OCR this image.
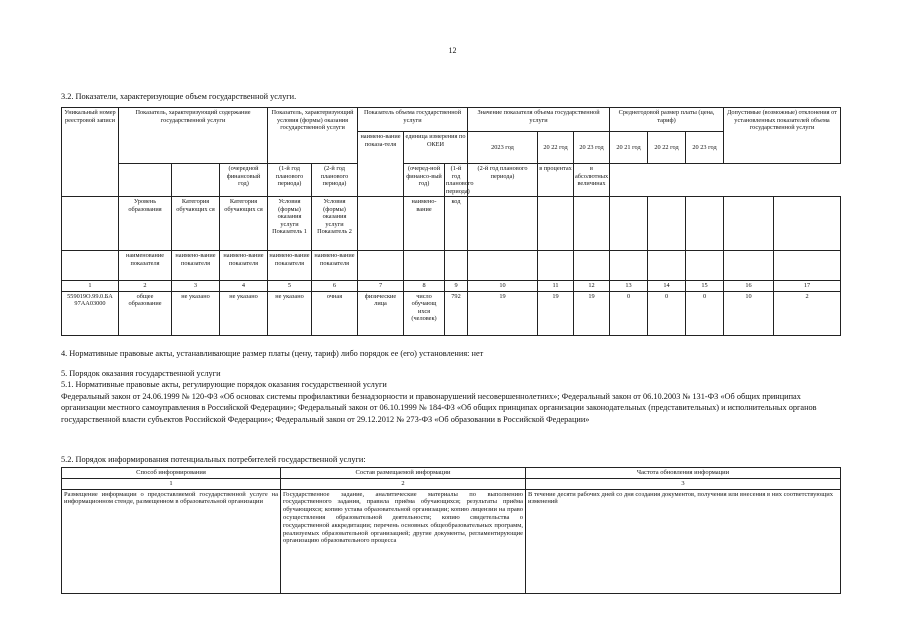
12
3.2. Показатели, характеризующие объем государственной услуги.
Уникальный номер реестровой записи	Показатель, характеризующий содержание государственной услуги			Показатель, характеризующий условия (формы) оказания государственной услуги		Показатель объема государственной услуги			Значение показателя объема государственной услуги			Среднегодовой размер платы (цена, тариф)			Допустимые (возможные) отклонения от установленных показателей объема государственной услуги	
						наимено-вание показа-теля	единица измерения по ОКЕИ		2023 год	20 22 год	20 23 год	20 21 год	20 22 год	20 23 год		
			(очередной финансовый год)	(1-й год планового периода)	(2-й год планового периода)		(очеред-ной финансо-вый год)	(1-й год планового периода)	(2-й год планового периода)	в процентах	в абсолютных величинах					
	Уровень образования	Категория обучающих ся	Категория обучающих ся	Условия (формы) оказания услуги Показатель 1	Условия (формы) оказания услуги Показатель 2		наимено-вание	код								
	наименование показателя	наимено-вание показателя	наимено-вание показателя	наимено-вание показателя	наимено-вание показателя											
1	2	3	4	5	6	7	8	9	10	11	12	13	14	15	16	17
559019О.99.0.БА 97АА03000	общее образование	не указано	не указано	не указано	очная	физические лица	число обучающ ихся (человек)	792	19	19	19	0	0	0	10	2
4. Нормативные правовые акты, устанавливающие размер платы (цену, тариф) либо порядок ее (его) установления: нет
5. Порядок оказания государственной услуги
5.1. Нормативные правовые акты, регулирующие порядок оказания государственной услуги
Федеральный закон от 24.06.1999 № 120-ФЗ «Об основах системы профилактики безнадзорности и правонарушений несовершеннолетних»; Федеральный закон от 06.10.2003 № 131-ФЗ «Об общих принципах организации местного самоуправления в Российской Федерации»; Федеральный закон от 06.10.1999 № 184-ФЗ «Об общих принципах организации законодательных (представительных) и исполнительных органов государственной власти субъектов Российской Федерации»; Федеральный закон от 29.12.2012 № 273-ФЗ «Об образовании в Российской Федерации»
5.2. Порядок информирования потенциальных потребителей государственной услуги:
Способ информирования	Состав размещаемой информации	Частота обновления информации
1	2	3
Размещение информации о предоставляемой государственной услуге на информационном стенде, размещенном в образовательной организации	Государственное задание, аналитические материалы по выполнению государственного задания, правила приёма обучающихся; результаты приёма обучающихся; копию устава образовательной организации; копию лицензии на право осуществления образовательной деятельности; копию свидетельства о государственной аккредитации; перечень основных общеобразовательных программ, реализуемых образовательной организацией; другие документы, регламентирующие организацию образовательного процесса	В течение десяти рабочих дней со дня создания документов, получения или внесения в них соответствующих изменений
